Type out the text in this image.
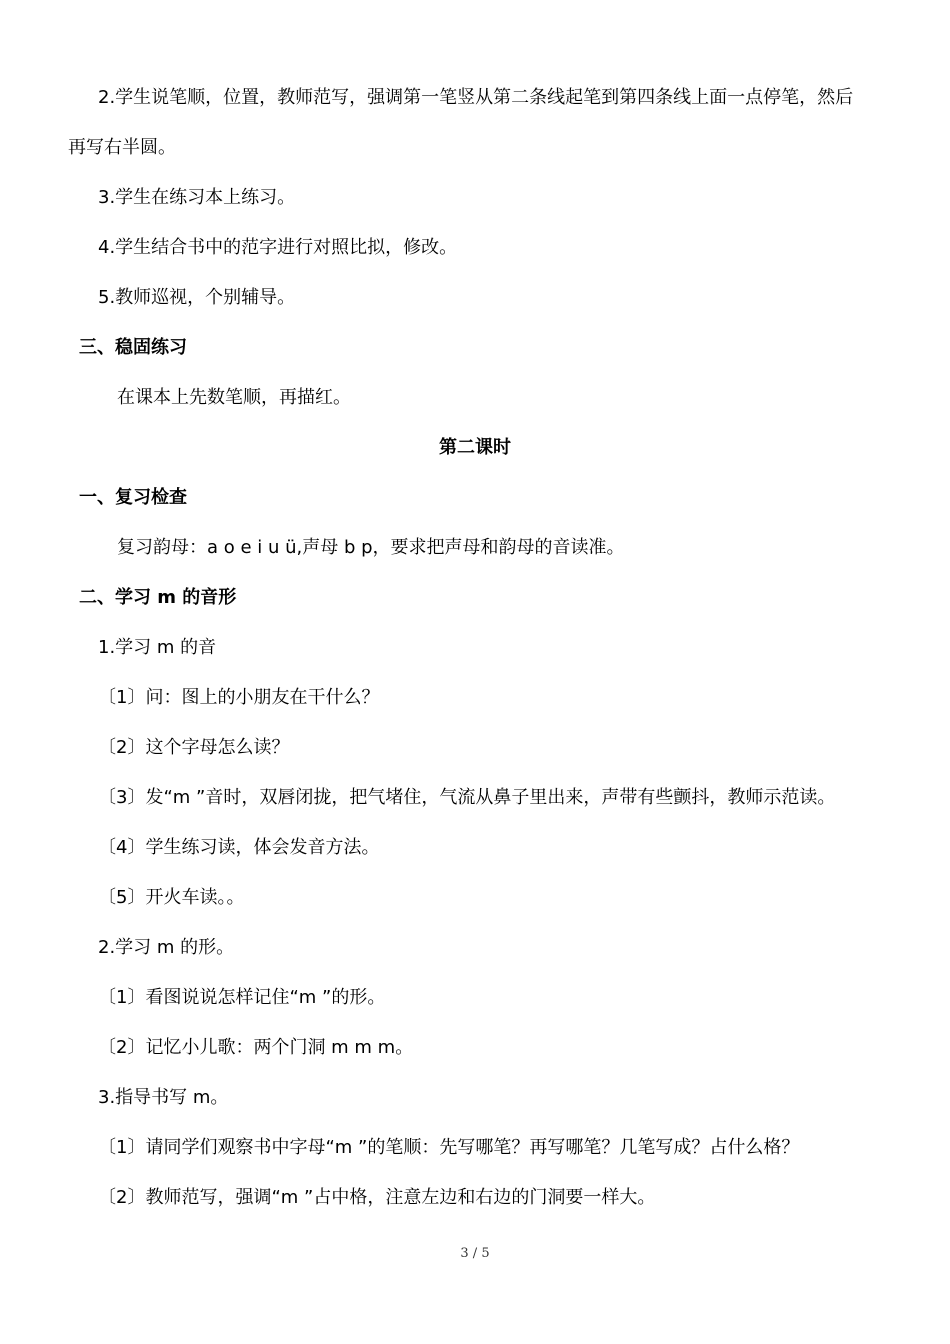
2.学生说笔顺，位置，教师范写，强调第一笔竖从第二条线起笔到第四条线上面一点停笔，然后
再写右半圆。
3.学生在练习本上练习。
4.学生结合书中的范字进行对照比拟，修改。
5.教师巡视，个别辅导。
三、稳固练习
在课本上先数笔顺，再描红。
第二课时
一、复习检查
复习韵母：a o e i u ü,声母 b p，要求把声母和韵母的音读准。
二、学习 m 的音形
1.学习 m 的音
〔1〕问：图上的小朋友在干什么？
〔2〕这个字母怎么读？
〔3〕发“m ”音时，双唇闭拢，把气堵住，气流从鼻子里出来，声带有些颤抖，教师示范读。
〔4〕学生练习读，体会发音方法。
〔5〕开火车读。。
2.学习 m 的形。
〔1〕看图说说怎样记住“m ”的形。
〔2〕记忆小儿歌：两个门洞 m m m。
3.指导书写 m。
〔1〕请同学们观察书中字母“m ”的笔顺：先写哪笔？再写哪笔？几笔写成？占什么格？
〔2〕教师范写，强调“m ”占中格，注意左边和右边的门洞要一样大。
3 / 5
